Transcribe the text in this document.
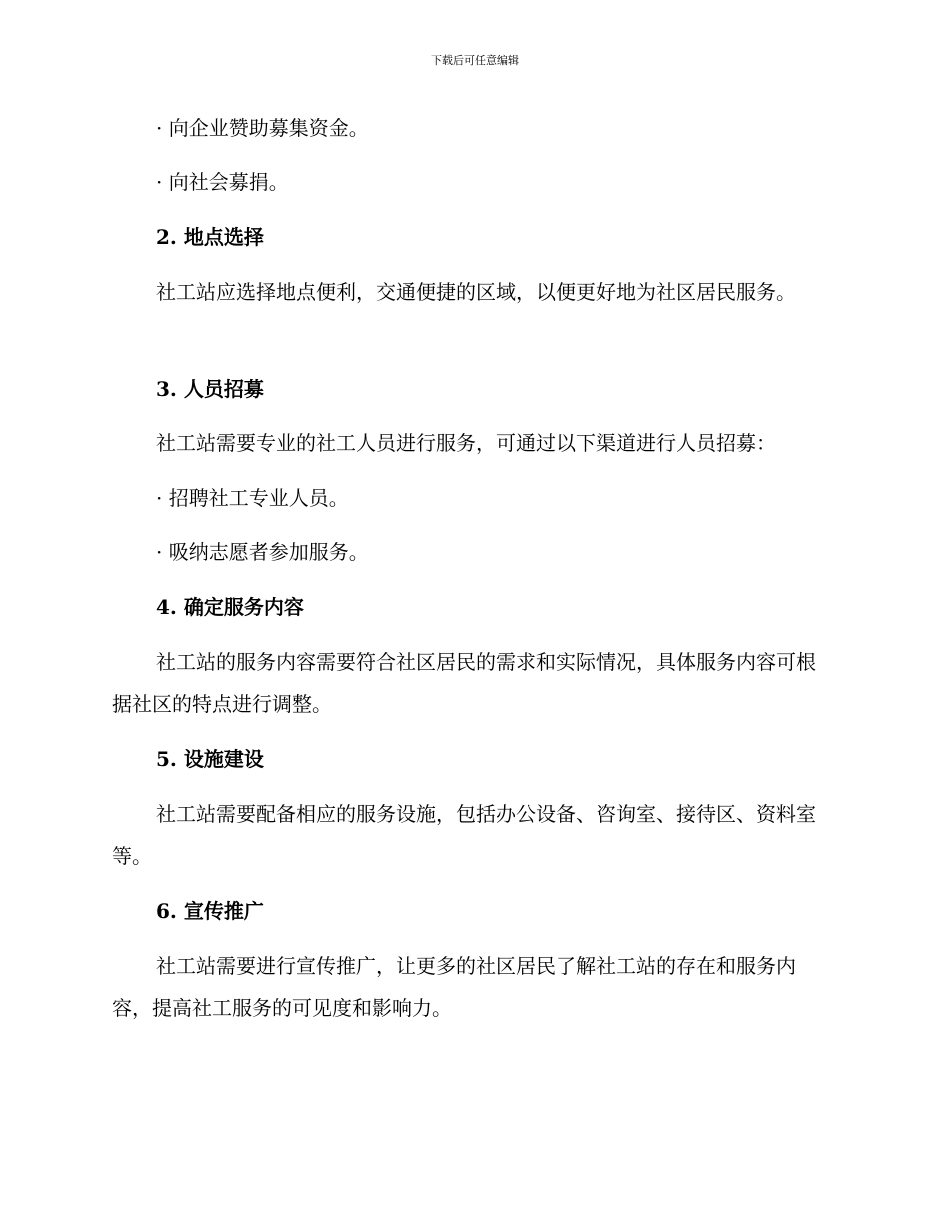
下载后可任意编辑
· 向企业赞助募集资金。
· 向社会募捐。
2. 地点选择
社工站应选择地点便利，交通便捷的区域，以便更好地为社区居民服务。
3. 人员招募
社工站需要专业的社工人员进行服务，可通过以下渠道进行人员招募：
· 招聘社工专业人员。
· 吸纳志愿者参加服务。
4. 确定服务内容
社工站的服务内容需要符合社区居民的需求和实际情况，具体服务内容可根据社区的特点进行调整。
5. 设施建设
社工站需要配备相应的服务设施，包括办公设备、咨询室、接待区、资料室等。
6. 宣传推广
社工站需要进行宣传推广，让更多的社区居民了解社工站的存在和服务内容，提高社工服务的可见度和影响力。
